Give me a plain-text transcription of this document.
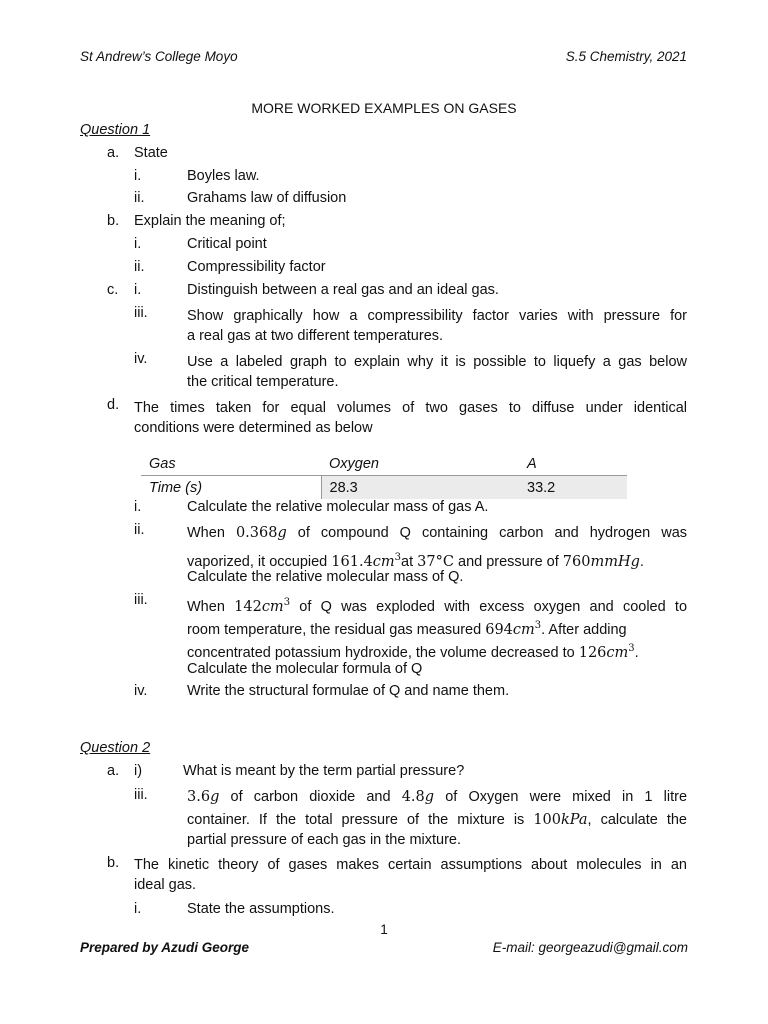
St Andrew’s College Moyo	S.5 Chemistry, 2021
MORE WORKED EXAMPLES ON GASES
Question 1
a. State
i.	Boyles law.
ii.	Grahams law of diffusion
b. Explain the meaning of;
i.	Critical point
ii.	Compressibility factor
c. i.	Distinguish between a real gas and an ideal gas.
iii.	Show graphically how a compressibility factor varies with pressure for
a real gas at two different temperatures.
iv.	Use a labeled graph to explain why it is possible to liquefy a gas below
the critical temperature.
d. The times taken for equal volumes of two gases to diffuse under identical
conditions were determined as below
Gas	Oxygen	A
Time (s)	28.3	33.2
i.	Calculate the relative molecular mass of gas A.
ii.	When 0.368g of compound Q containing carbon and hydrogen was
vaporized, it occupied $161.4cm^3at$ 37°C and pressure of 760mmHg.
Calculate the relative molecular mass of Q.
iii.	When $142cm^3$ of Q was exploded with excess oxygen and cooled to
room temperature, the residual gas measured $694cm^3$. After adding
concentrated potassium hydroxide, the volume decreased to $126cm^3$.
Calculate the molecular formula of Q
iv.	Write the structural formulae of Q and name them.
Question 2
a. i)	What is meant by the term partial pressure?
iii.	3.6g of carbon dioxide and 4.8g of Oxygen were mixed in 1 litre
container. If the total pressure of the mixture is 100kPa, calculate the
partial pressure of each gas in the mixture.
b. The kinetic theory of gases makes certain assumptions about molecules in an
ideal gas.
i.	State the assumptions.
1
Prepared by Azudi George	E-mail: georgeazudi@gmail.com
